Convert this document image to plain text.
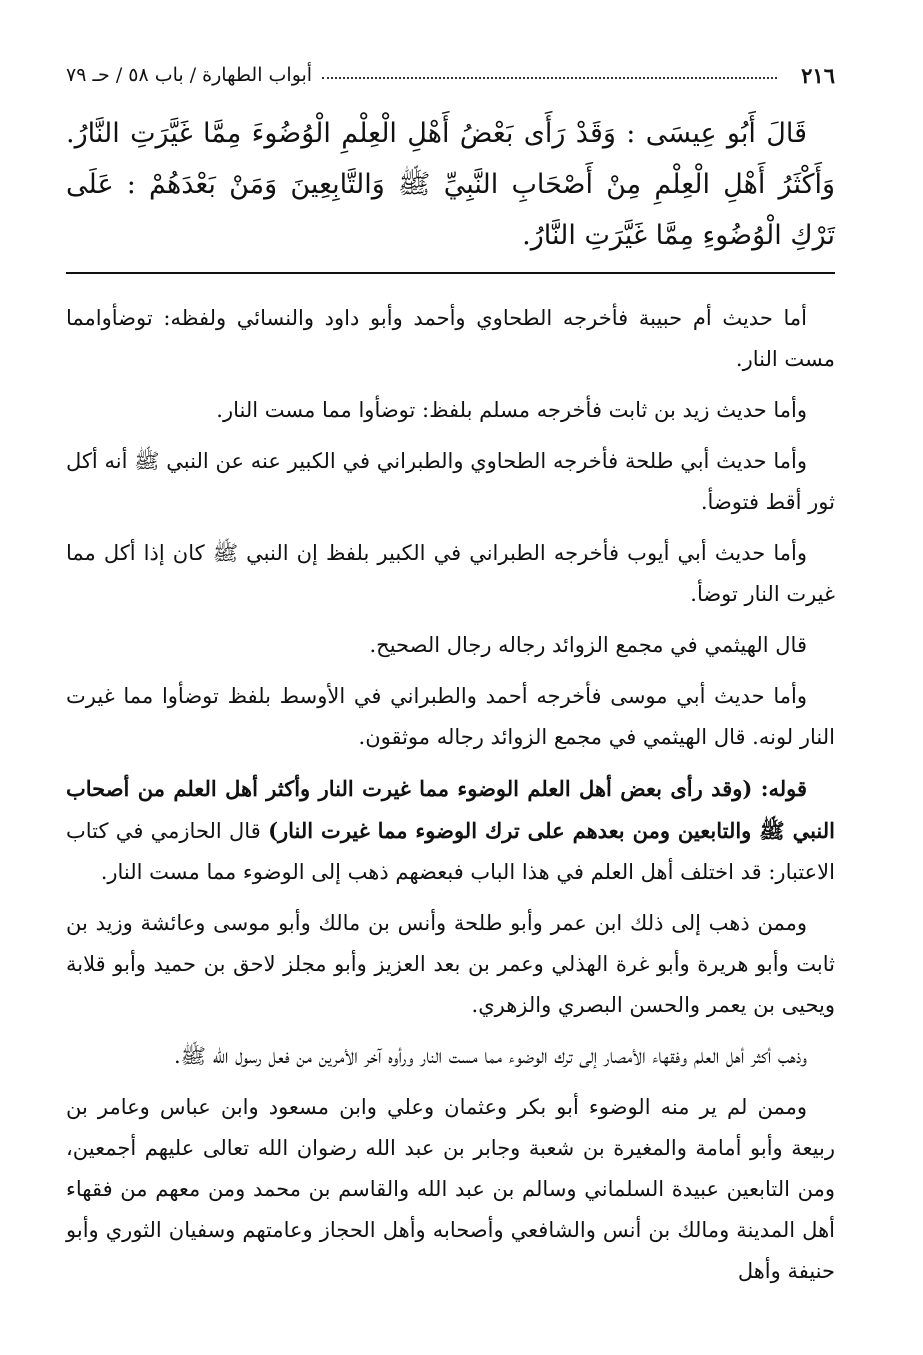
٢١٦
أبواب الطهارة / باب ٥٨ / حـ ٧٩

قَالَ أَبُو عِيسَى : وَقَدْ رَأَى بَعْضُ أَهْلِ الْعِلْمِ الْوُضُوءَ مِمَّا غَيَّرَتِ النَّارُ. وَأَكْثَرُ أَهْلِ الْعِلْمِ مِنْ أَصْحَابِ النَّبِيِّ ﷺ وَالتَّابِعِينَ وَمَنْ بَعْدَهُمْ : عَلَى تَرْكِ الْوُضُوءِ مِمَّا غَيَّرَتِ النَّارُ.

أما حديث أم حبيبة فأخرجه الطحاوي وأحمد وأبو داود والنسائي ولفظه: توضأوامما مست النار.

وأما حديث زيد بن ثابت فأخرجه مسلم بلفظ: توضأوا مما مست النار.

وأما حديث أبي طلحة فأخرجه الطحاوي والطبراني في الكبير عنه عن النبي ﷺ أنه أكل ثور أقط فتوضأ.

وأما حديث أبي أيوب فأخرجه الطبراني في الكبير بلفظ إن النبي ﷺ كان إذا أكل مما غيرت النار توضأ.

قال الهيثمي في مجمع الزوائد رجاله رجال الصحيح.

وأما حديث أبي موسى فأخرجه أحمد والطبراني في الأوسط بلفظ توضأوا مما غيرت النار لونه. قال الهيثمي في مجمع الزوائد رجاله موثقون.

قوله: (وقد رأى بعض أهل العلم الوضوء مما غيرت النار وأكثر أهل العلم من أصحاب النبي ﷺ والتابعين ومن بعدهم على ترك الوضوء مما غيرت النار) قال الحازمي في كتاب الاعتبار: قد اختلف أهل العلم في هذا الباب فبعضهم ذهب إلى الوضوء مما مست النار.

وممن ذهب إلى ذلك ابن عمر وأبو طلحة وأنس بن مالك وأبو موسى وعائشة وزيد بن ثابت وأبو هريرة وأبو غرة الهذلي وعمر بن بعد العزيز وأبو مجلز لاحق بن حميد وأبو قلابة ويحيى بن يعمر والحسن البصري والزهري.

وذهب أكثر أهل العلم وفقهاء الأمصار إلى ترك الوضوء مما مست النار ورأوه آخر الأمرين من فعل رسول الله ﷺ.

وممن لم ير منه الوضوء أبو بكر وعثمان وعلي وابن مسعود وابن عباس وعامر بن ربيعة وأبو أمامة والمغيرة بن شعبة وجابر بن عبد الله رضوان الله تعالى عليهم أجمعين، ومن التابعين عبيدة السلماني وسالم بن عبد الله والقاسم بن محمد ومن معهم من فقهاء أهل المدينة ومالك بن أنس والشافعي وأصحابه وأهل الحجاز وعامتهم وسفيان الثوري وأبو حنيفة وأهل
